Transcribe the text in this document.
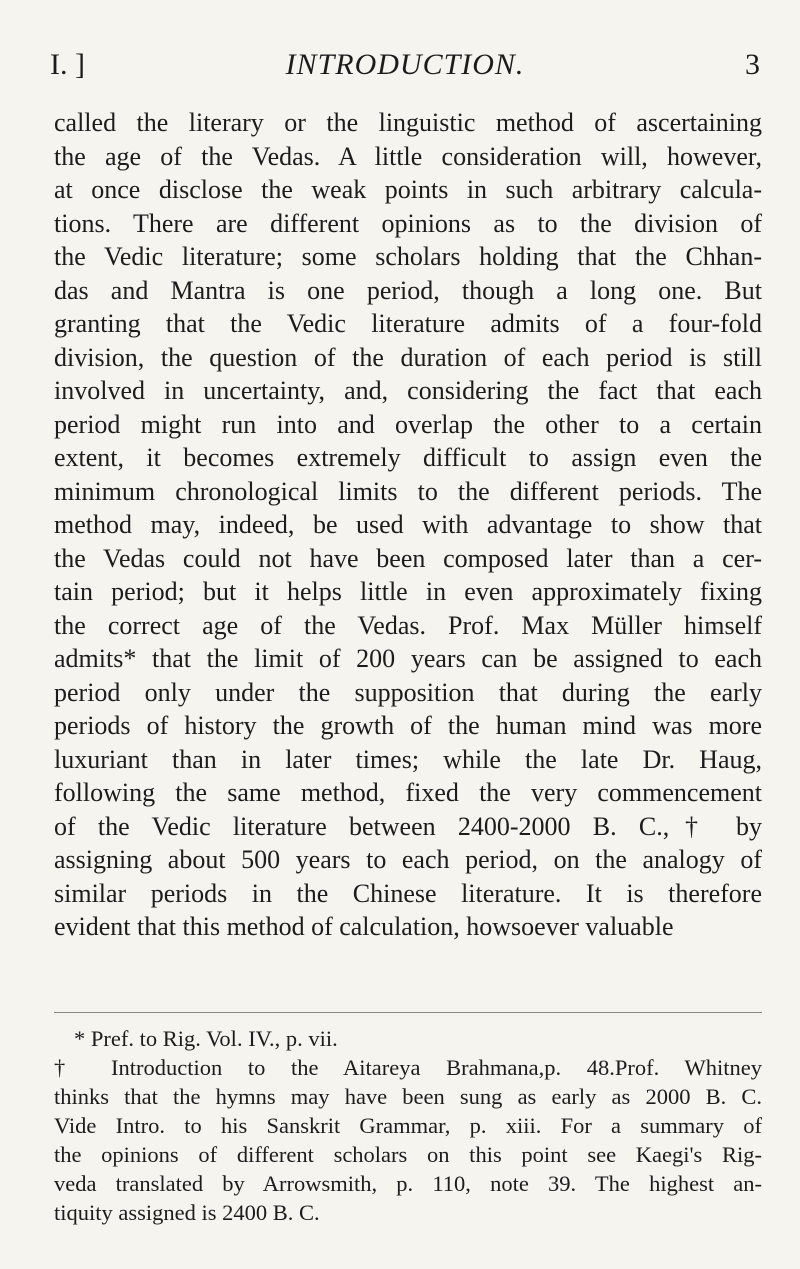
I. ]	INTRODUCTION.	3
called the literary or the linguistic method of ascertaining
the age of the Vedas. A little consideration will, however,
at once disclose the weak points in such arbitrary calcula-
tions. There are different opinions as to the division of
the Vedic literature; some scholars holding that the Chhan-
das and Mantra is one period, though a long one. But
granting that the Vedic literature admits of a four-fold
division, the question of the duration of each period is still
involved in uncertainty, and, considering the fact that each
period might run into and overlap the other to a certain
extent, it becomes extremely difficult to assign even the
minimum chronological limits to the different periods. The
method may, indeed, be used with advantage to show that
the Vedas could not have been composed later than a cer-
tain period; but it helps little in even approximately fixing
the correct age of the Vedas. Prof. Max Müller himself
admits* that the limit of 200 years can be assigned to each
period only under the supposition that during the early
periods of history the growth of the human mind was more
luxuriant than in later times; while the late Dr. Haug,
following the same method, fixed the very commencement
of the Vedic literature between 2400-2000 B. C.,† by
assigning about 500 years to each period, on the analogy of
similar periods in the Chinese literature. It is therefore
evident that this method of calculation, howsoever valuable
* Pref. to Rig. Vol. IV., p. vii.
† Introduction to the Aitareya Brahmana,p. 48.Prof. Whitney
thinks that the hymns may have been sung as early as 2000 B. C.
Vide Intro. to his Sanskrit Grammar, p. xiii. For a summary of
the opinions of different scholars on this point see Kaegi's Rig-
veda translated by Arrowsmith, p. 110, note 39. The highest an-
tiquity assigned is 2400 B. C.
